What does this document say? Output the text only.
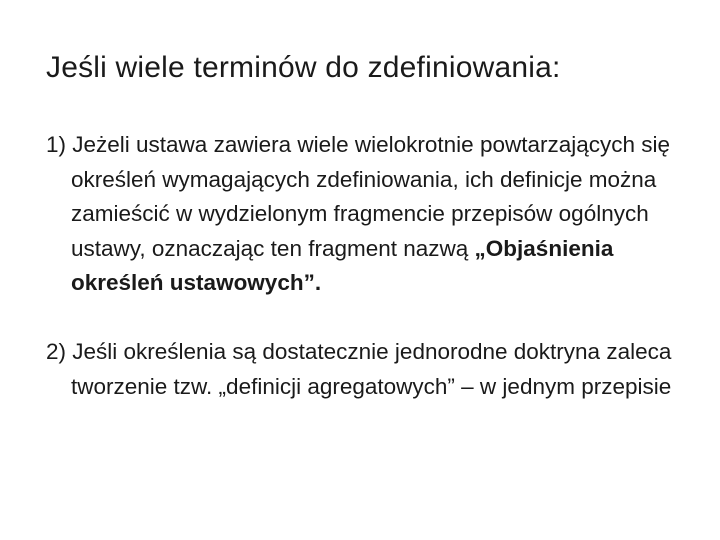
Jeśli wiele terminów do zdefiniowania:
1) Jeżeli ustawa zawiera wiele wielokrotnie powtarzających się określeń wymagających zdefiniowania, ich definicje można zamieścić w wydzielonym fragmencie przepisów ogólnych ustawy, oznaczając ten fragment nazwą „Objaśnienia określeń ustawowych”.
2) Jeśli określenia są dostatecznie jednorodne doktryna zaleca tworzenie tzw. „definicji agregatowych” – w jednym przepisie
